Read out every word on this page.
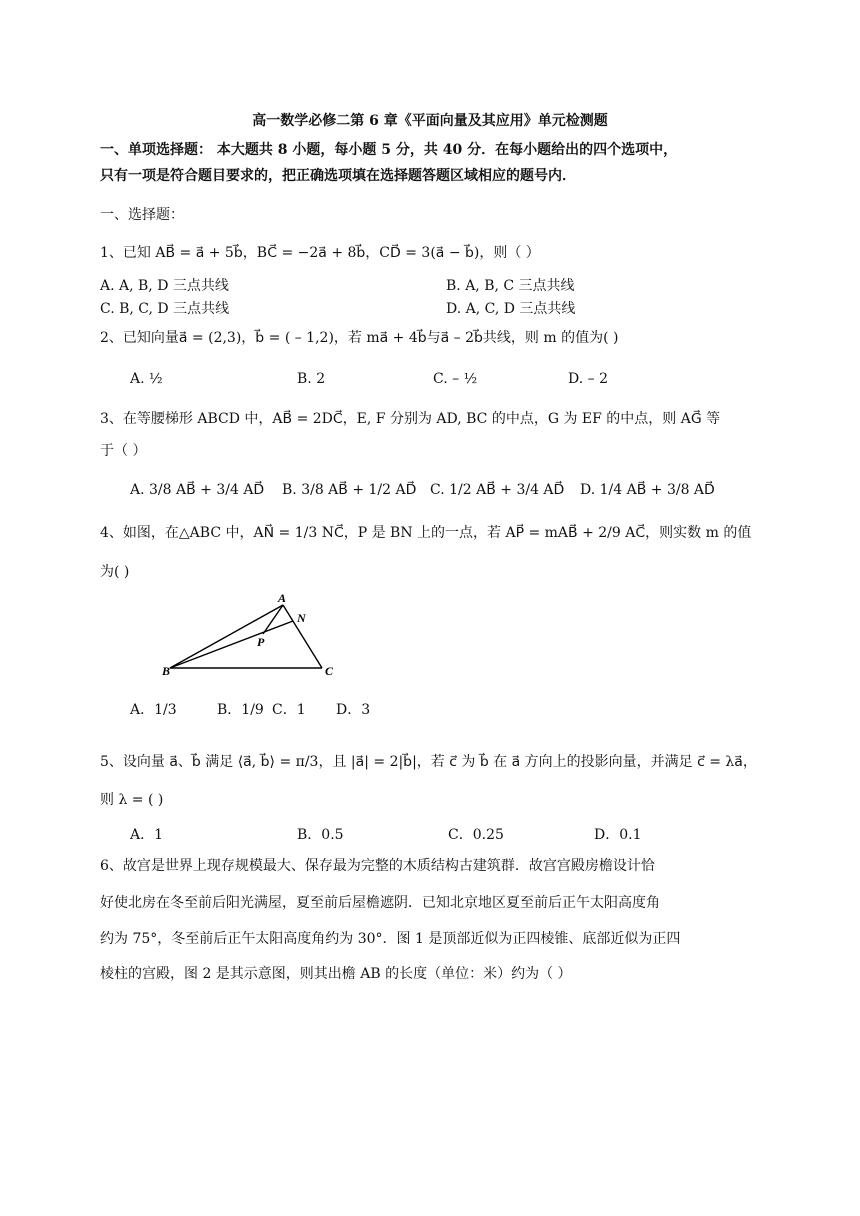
高一数学必修二第 6 章《平面向量及其应用》单元检测题
一、单项选择题： 本大题共 8 小题，每小题 5 分，共 40 分．在每小题给出的四个选项中，
只有一项是符合题目要求的，把正确选项填在选择题答题区域相应的题号内．
一、选择题：
1、已知 AB⃗ = a⃗ + 5b⃗，BC⃗ = −2a⃗ + 8b⃗，CD⃗ = 3(a⃗ − b⃗)，则（ ）
A. A, B, D 三点共线	B. A, B, C 三点共线
C. B, C, D 三点共线	D. A, C, D 三点共线
2、已知向量a⃗ = (2,3)，b⃗ = ( – 1,2)，若 ma⃗ + 4b⃗与a⃗ – 2b⃗共线，则 m 的值为( )
A. ½	B. 2	C. – ½	D. – 2
3、在等腰梯形 ABCD 中，AB⃗ = 2DC⃗，E, F 分别为 AD, BC 的中点，G 为 EF 的中点，则 AG⃗ 等
于（ ）
A. 3/8 AB⃗ + 3/4 AD⃗ B. 3/8 AB⃗ + 1/2 AD⃗ C. 1/2 AB⃗ + 3/4 AD⃗ D. 1/4 AB⃗ + 3/8 AD⃗
4、如图，在△ABC 中，AN⃗ = 1/3 NC⃗，P 是 BN 上的一点，若 AP⃗ = mAB⃗ + 2/9 AC⃗，则实数 m 的值
为( )
A
N
P
B	C
A．1/3	B．1/9 C．1 D．3
5、设向量 a⃗、b⃗ 满足 ⟨a⃗, b⃗⟩ = π/3，且 |a⃗| = 2|b⃗|，若 c⃗ 为 b⃗ 在 a⃗ 方向上的投影向量，并满足 c⃗ = λa⃗，
则 λ = ( )
A．1	B．0.5	C．0.25	D．0.1
6、故宫是世界上现存规模最大、保存最为完整的木质结构古建筑群．故宫宫殿房檐设计恰
好使北房在冬至前后阳光满屋，夏至前后屋檐遮阴．已知北京地区夏至前后正午太阳高度角
约为 75°，冬至前后正午太阳高度角约为 30°．图 1 是顶部近似为正四棱锥、底部近似为正四
棱柱的宫殿，图 2 是其示意图，则其出檐 AB 的长度（单位：米）约为（ ）
